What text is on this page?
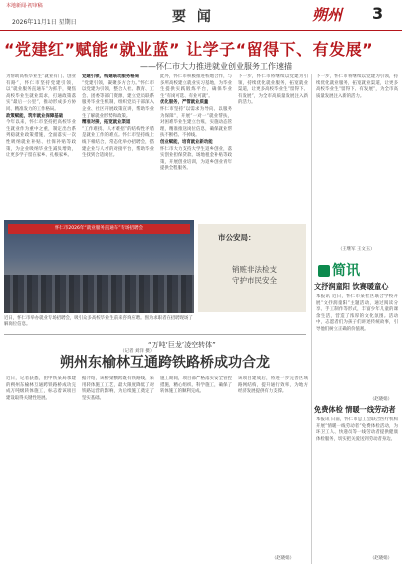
本地新闻·初审稿
2026年11月1日 星期日	要 闻	朔州 3
“党建红”赋能“就业蓝” 让学子“留得下、有发展”
——怀仁市大力推进就业创业服务工作速描
为帮助高校毕业生“就业有门、创业有路”，怀仁市坚持党建引领，以“就业服务直通车”为抓手，聚焦高校毕业生就业需求，打通政策落实“最后一公里”，推动形成多方协同、精准发力的工作格局。
政策赋能，筑牢就业保障基础
今年以来，怀仁市坚持把高校毕业生就业作为重中之重，制定出台系列稳就业政策措施，全面落实一次性吸纳就业补贴、社保补贴等政策，为企业吸纳毕业生减负增效，让更多学子留在家乡、扎根家乡。
党建引领，构建联动服务格局
“党建引领，凝聚多方合力。”怀仁市以党建为引领，整合人社、教育、工会、团委等部门资源，建立党员联系服务毕业生机制，组织党员干部深入企业、社区开展政策宣讲，帮助毕业生了解就业形势和政策。
精准对接，拓宽就业渠道
“工作难找、人才难招”的结构性矛盾是就业工作的难点。怀仁市坚持线上线下相结合，常态化举办招聘会，搭建企业与人才的对接平台，帮助毕业生找到合适岗位。
此外，怀仁市积极推进校地合作，与多所高校建立就业实习基地，为毕业生提供实践锻炼平台，确保毕业生“有岗可选、有业可就”。
优化服务，严管就业质量
怀仁市坚持“以需求为导向、以服务为保障”，开展“一对一”就业帮扶，对困难毕业生建立台账，实施动态管理，精准推送岗位信息，确保就业帮扶不断档、不掉线。
创业赋能，培育就业新动能
怀仁市大力支持大学生返乡创业，落实创业担保贷款、场地租金补贴等政策，开展创业培训，为返乡创业青年提供全程服务。
下一步，怀仁市将继续以党建为引领，持续优化就业服务，拓宽就业渠道，让更多高校毕业生“留得下、有发展”，为全市高质量发展注入新的活力。
下一步，怀仁市将继续以党建为引领，持续优化就业服务，拓宽就业渠道，让更多高校毕业生“留得下、有发展”，为全市高质量发展注入新的活力。
（王继军 王文玉）
怀仁市2026年“就业服务直通车”专场招聘会
近日，怀仁市举办就业专场招聘会，吸引众多高校毕业生前来咨询应聘。图为求职者在招聘现场了解岗位信息。
（记者 刘洋 摄）
市公安局：
销赃非法检支
守护市民安全
“万吨‘巨龙’凌空转体”
朔州东榆林互通跨铁路桥成功合龙
近日，记者获悉，由中铁某局承建的朔州东榆林互通跨铁路桥成功完成万吨级转体施工，标志着该项目建设取得关键性进展。
据介绍，该桥梁横跨既有铁路线，采用转体施工工艺，最大限度降低了对铁路运营的影响，为后续施工奠定了坚实基础。
施工期间，项目部严格落实安全管控措施，精心组织、科学施工，确保了转体施工的顺利完成。
该项目建成后，将进一步完善区域路网结构，提升通行效率，为地方经济发展提供有力支撑。
（赵晓娟）
简讯
文抒润童阳 饮赛暖童心
本报讯 近日，怀仁市某社区联合学校开展“文抒润童阳”主题活动，通过阅读分享、手工制作等形式，丰富少年儿童的课余生活，营造了浓厚的文化氛围。活动中，志愿者们为孩子们讲述传统故事，引导他们树立正确的价值观。
（赵晓娟）
免费体检 情暖一线劳动者
本报讯 日前，怀仁市总工会联合医疗机构开展“情暖一线劳动者”免费体检活动，为环卫工人、快递员等一线劳动者提供健康体检服务，切实把关爱送到劳动者身边。
（赵晓娟）
